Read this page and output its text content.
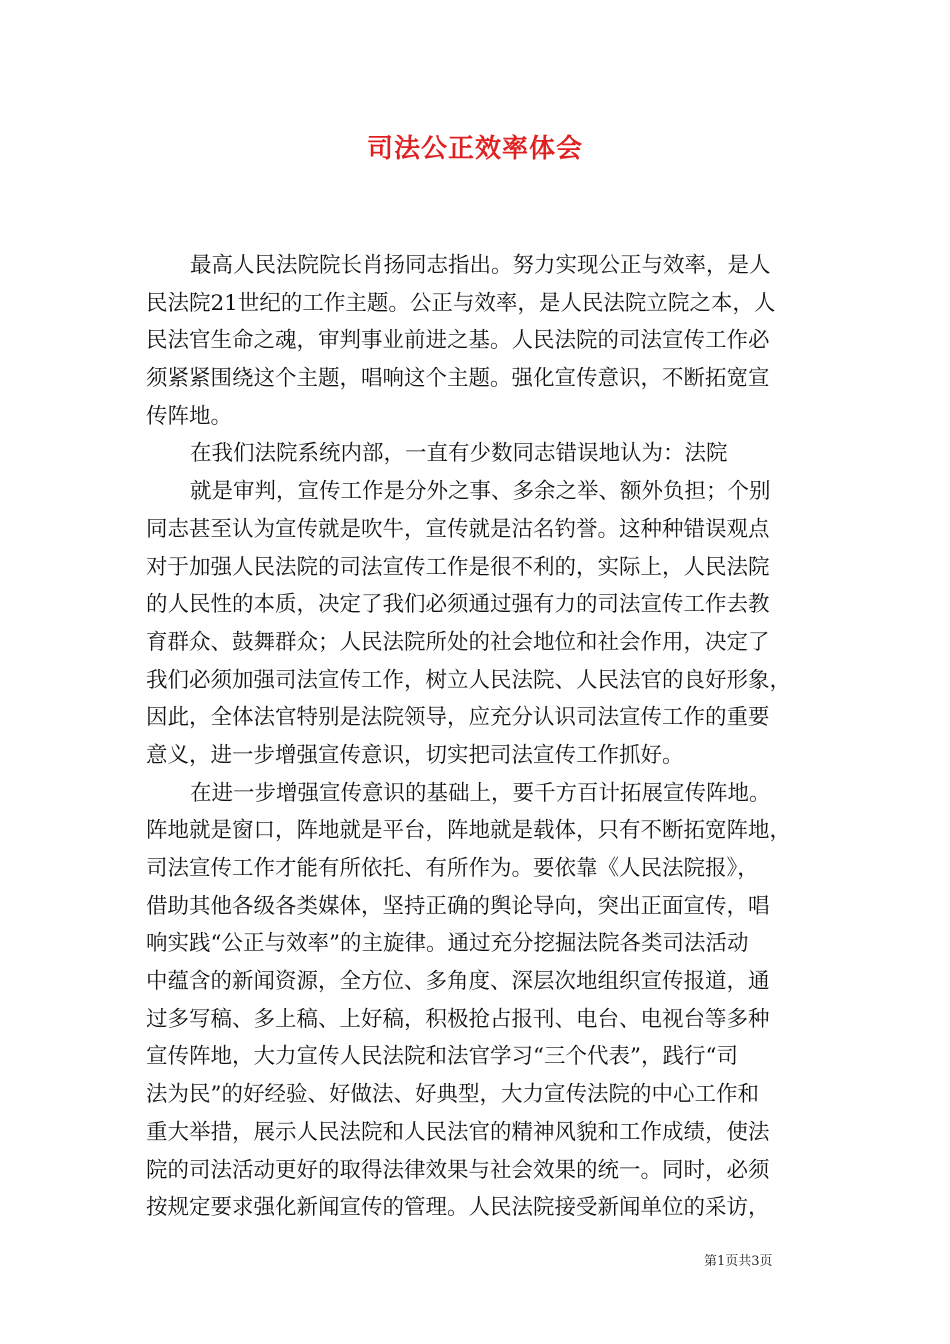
司法公正效率体会
最高人民法院院长肖扬同志指出。努力实现公正与效率，是人
民法院21世纪的工作主题。公正与效率，是人民法院立院之本，人
民法官生命之魂，审判事业前进之基。人民法院的司法宣传工作必
须紧紧围绕这个主题，唱响这个主题。强化宣传意识，不断拓宽宣
传阵地。
在我们法院系统内部，一直有少数同志错误地认为：法院
就是审判，宣传工作是分外之事、多余之举、额外负担；个别
同志甚至认为宣传就是吹牛，宣传就是沽名钓誉。这种种错误观点
对于加强人民法院的司法宣传工作是很不利的，实际上，人民法院
的人民性的本质，决定了我们必须通过强有力的司法宣传工作去教
育群众、鼓舞群众；人民法院所处的社会地位和社会作用，决定了
我们必须加强司法宣传工作，树立人民法院、人民法官的良好形象，
因此，全体法官特别是法院领导，应充分认识司法宣传工作的重要
意义，进一步增强宣传意识，切实把司法宣传工作抓好。
在进一步增强宣传意识的基础上，要千方百计拓展宣传阵地。
阵地就是窗口，阵地就是平台，阵地就是载体，只有不断拓宽阵地，
司法宣传工作才能有所依托、有所作为。要依靠《人民法院报》，
借助其他各级各类媒体，坚持正确的舆论导向，突出正面宣传，唱
响实践“公正与效率”的主旋律。通过充分挖掘法院各类司法活动
中蕴含的新闻资源，全方位、多角度、深层次地组织宣传报道，通
过多写稿、多上稿、上好稿，积极抢占报刊、电台、电视台等多种
宣传阵地，大力宣传人民法院和法官学习“三个代表”，践行“司
法为民”的好经验、好做法、好典型，大力宣传法院的中心工作和
重大举措，展示人民法院和人民法官的精神风貌和工作成绩，使法
院的司法活动更好的取得法律效果与社会效果的统一。同时，必须
按规定要求强化新闻宣传的管理。人民法院接受新闻单位的采访，
第1页共3页
